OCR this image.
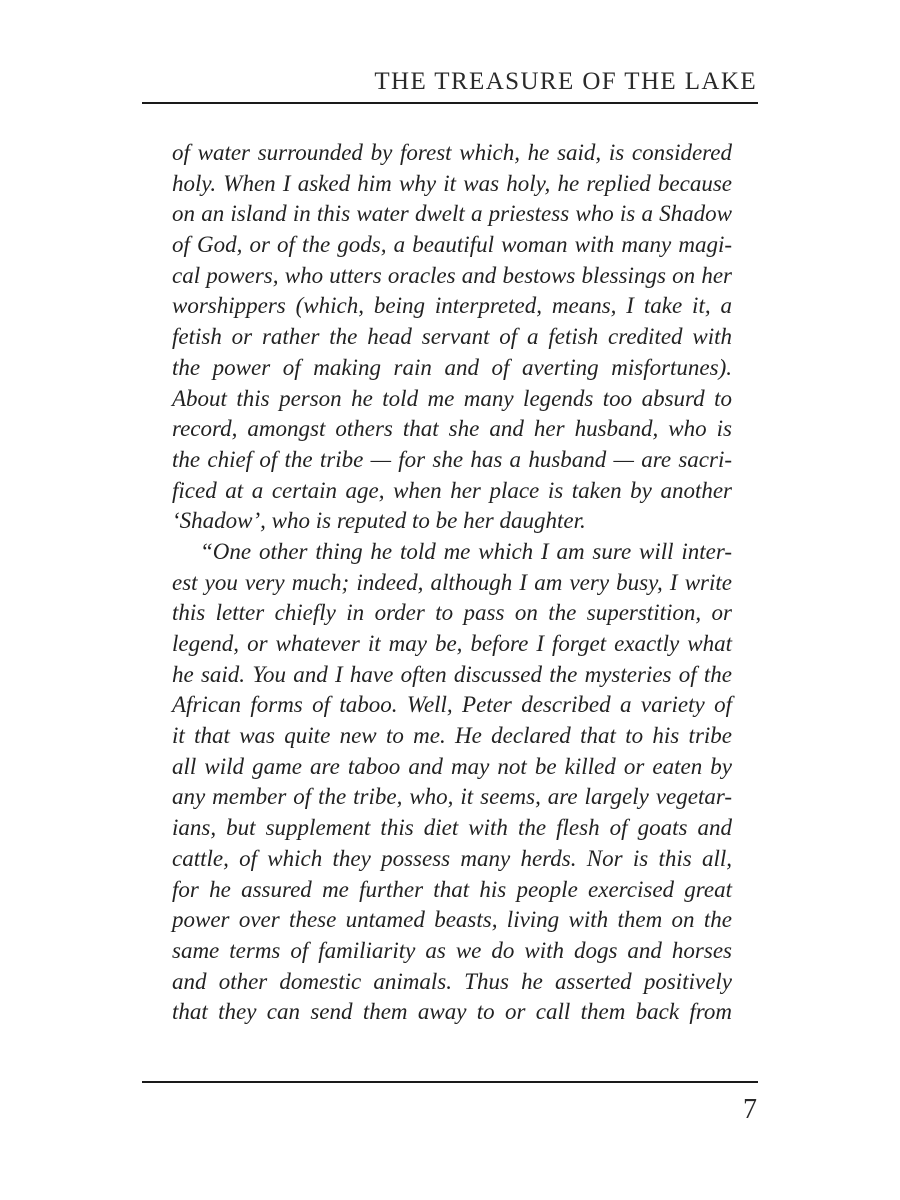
THE TREASURE OF THE LAKE
of water surrounded by forest which, he said, is considered
holy. When I asked him why it was holy, he replied because
on an island in this water dwelt a priestess who is a Shadow
of God, or of the gods, a beautiful woman with many magi-
cal powers, who utters oracles and bestows blessings on her
worshippers (which, being interpreted, means, I take it, a
fetish or rather the head servant of a fetish credited with
the power of making rain and of averting misfortunes).
About this person he told me many legends too absurd to
record, amongst others that she and her husband, who is
the chief of the tribe — for she has a husband — are sacri-
ficed at a certain age, when her place is taken by another
‘Shadow’, who is reputed to be her daughter.
“One other thing he told me which I am sure will inter-
est you very much; indeed, although I am very busy, I write
this letter chiefly in order to pass on the superstition, or
legend, or whatever it may be, before I forget exactly what
he said. You and I have often discussed the mysteries of the
African forms of taboo. Well, Peter described a variety of
it that was quite new to me. He declared that to his tribe
all wild game are taboo and may not be killed or eaten by
any member of the tribe, who, it seems, are largely vegetar-
ians, but supplement this diet with the flesh of goats and
cattle, of which they possess many herds. Nor is this all,
for he assured me further that his people exercised great
power over these untamed beasts, living with them on the
same terms of familiarity as we do with dogs and horses
and other domestic animals. Thus he asserted positively
that they can send them away to or call them back from
7
